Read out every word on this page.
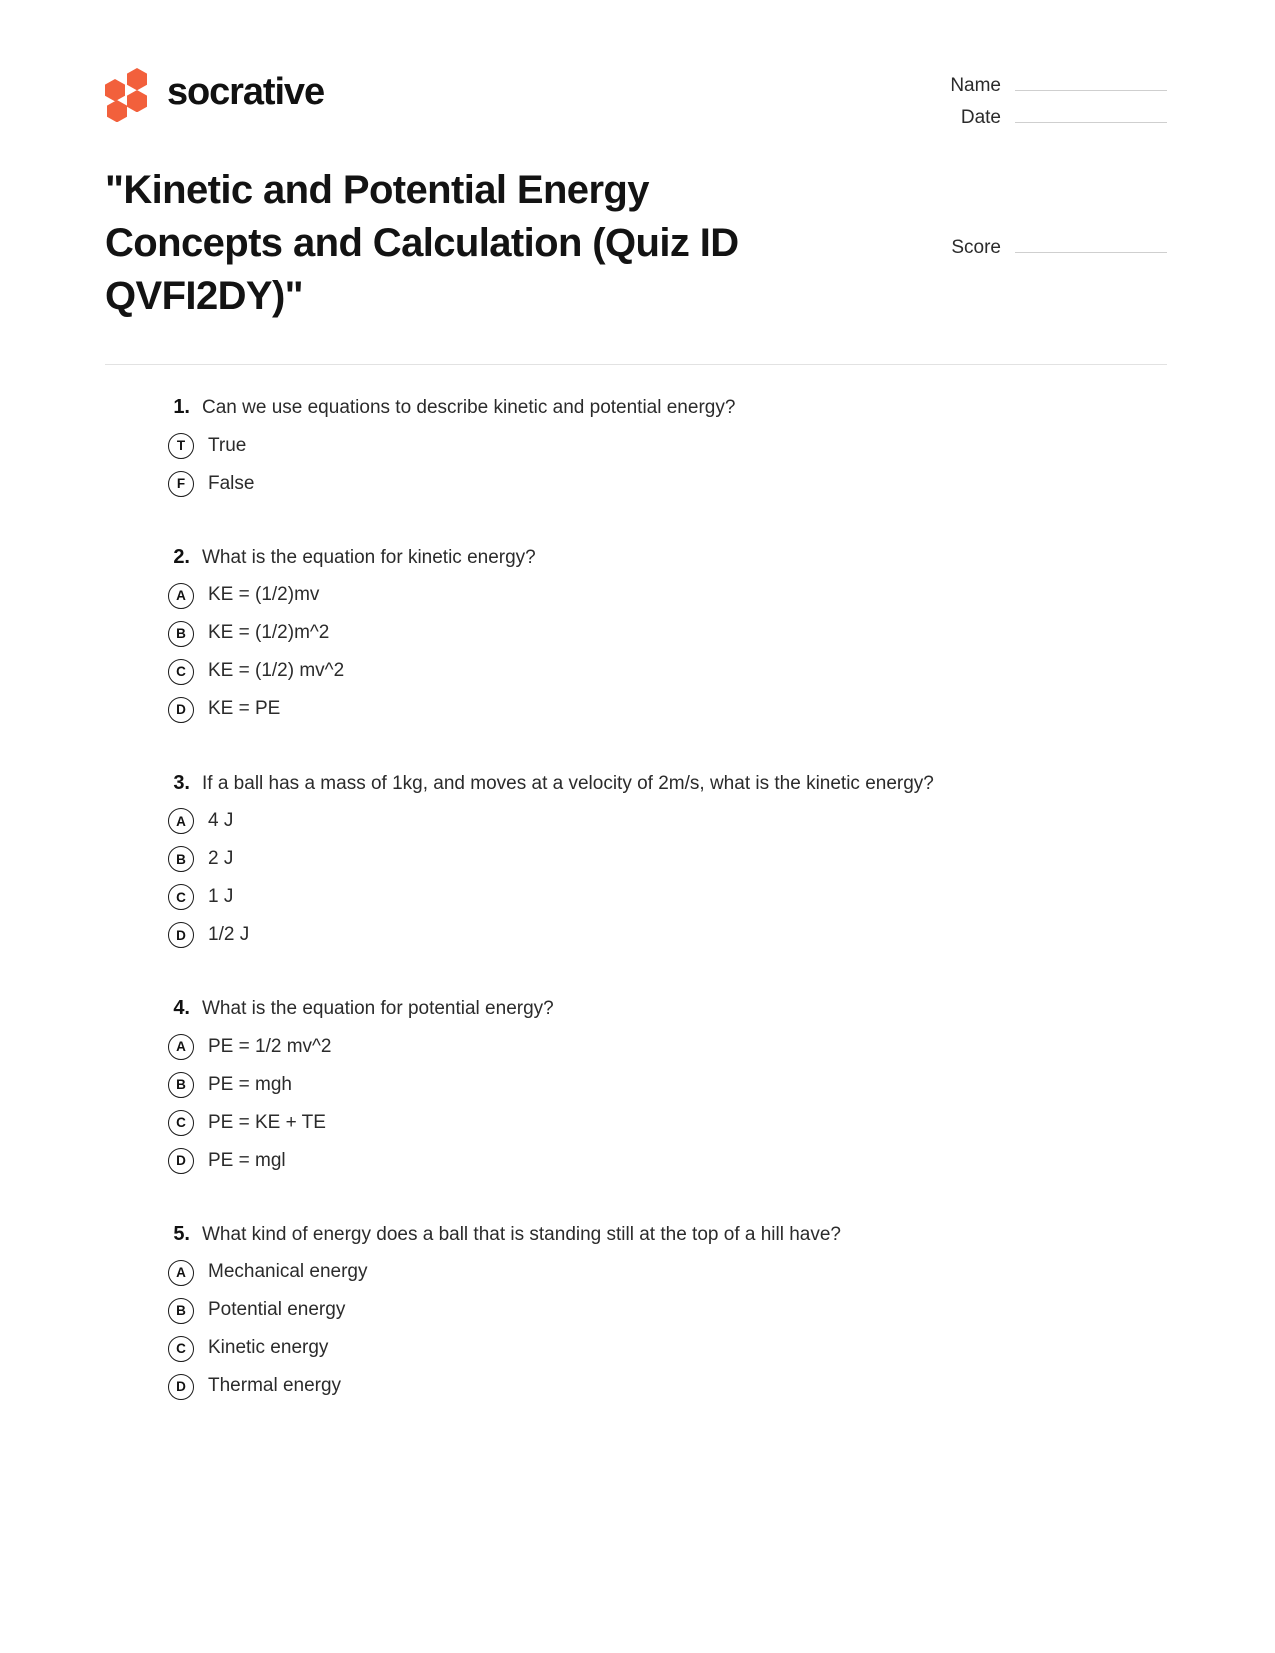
socrative	Name
Date
"Kinetic and Potential Energy Concepts and Calculation (Quiz ID QVFI2DY)"
Score
1. Can we use equations to describe kinetic and potential energy?
T	True
F	False
2. What is the equation for kinetic energy?
A	KE = (1/2)mv
B	KE = (1/2)m^2
C	KE = (1/2) mv^2
D	KE = PE
3. If a ball has a mass of 1kg, and moves at a velocity of 2m/s, what is the kinetic energy?
A	4 J
B	2 J
C	1 J
D	1/2 J
4. What is the equation for potential energy?
A	PE = 1/2 mv^2
B	PE = mgh
C	PE = KE + TE
D	PE = mgl
5. What kind of energy does a ball that is standing still at the top of a hill have?
A	Mechanical energy
B	Potential energy
C	Kinetic energy
D	Thermal energy
